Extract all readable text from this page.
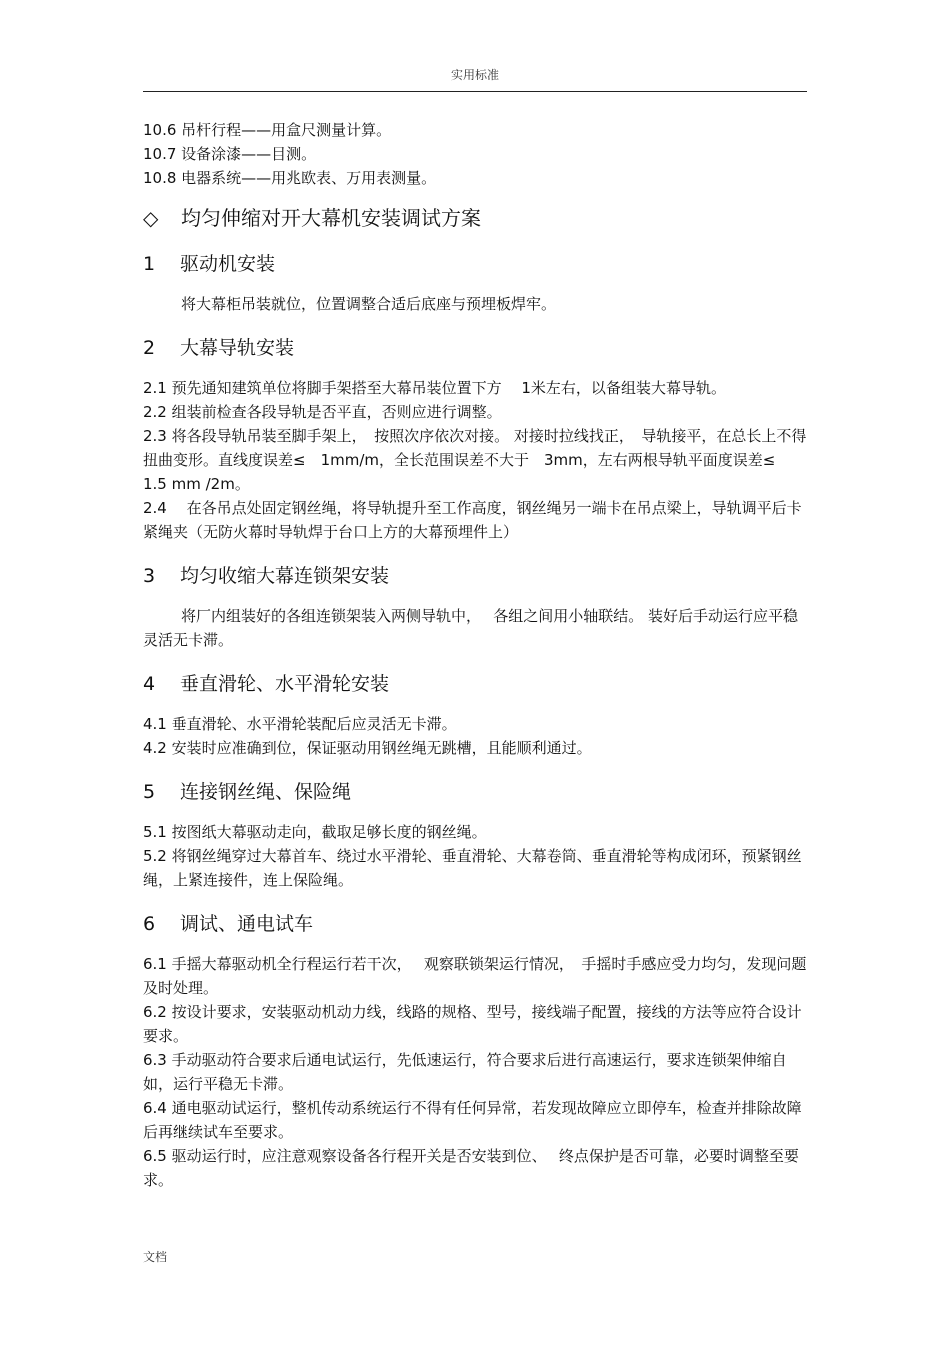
实用标准

10.6 吊杆行程——用盒尺测量计算。

10.7 设备涂漆——目测。

10.8 电器系统——用兆欧表、万用表测量。

◇ 均匀伸缩对开大幕机安装调试方案

1 驱动机安装

将大幕柜吊装就位，位置调整合适后底座与预埋板焊牢。

2 大幕导轨安装

2.1 预先通知建筑单位将脚手架搭至大幕吊装位置下方　 1米左右，以备组装大幕导轨。

2.2 组装前检查各段导轨是否平直，否则应进行调整。

2.3 将各段导轨吊装至脚手架上，　按照次序依次对接。 对接时拉线找正，　导轨接平，在总长上不得扭曲变形。直线度误差≤　1mm/m，全长范围误差不大于　3mm，左右两根导轨平面度误差≤　1.5 mm /2m。

2.4　 在各吊点处固定钢丝绳，将导轨提升至工作高度，钢丝绳另一端卡在吊点梁上，导轨调平后卡紧绳夹（无防火幕时导轨焊于台口上方的大幕预埋件上）

3 均匀收缩大幕连锁架安装

将厂内组装好的各组连锁架装入两侧导轨中，　 各组之间用小轴联结。 装好后手动运行应平稳灵活无卡滞。

4 垂直滑轮、水平滑轮安装

4.1 垂直滑轮、水平滑轮装配后应灵活无卡滞。

4.2 安装时应准确到位，保证驱动用钢丝绳无跳槽，且能顺利通过。

5 连接钢丝绳、保险绳

5.1 按图纸大幕驱动走向，截取足够长度的钢丝绳。

5.2 将钢丝绳穿过大幕首车、绕过水平滑轮、垂直滑轮、大幕卷筒、垂直滑轮等构成闭环，预紧钢丝绳，上紧连接件，连上保险绳。

6 调试、通电试车

6.1 手摇大幕驱动机全行程运行若干次，　 观察联锁架运行情况，　手摇时手感应受力均匀，发现问题及时处理。

6.2 按设计要求，安装驱动机动力线，线路的规格、型号，接线端子配置，接线的方法等应符合设计要求。

6.3 手动驱动符合要求后通电试运行，先低速运行，符合要求后进行高速运行，要求连锁架伸缩自如，运行平稳无卡滞。

6.4 通电驱动试运行，整机传动系统运行不得有任何异常，若发现故障应立即停车，检查并排除故障后再继续试车至要求。

6.5 驱动运行时，应注意观察设备各行程开关是否安装到位、　 终点保护是否可靠，必要时调整至要求。

文档
